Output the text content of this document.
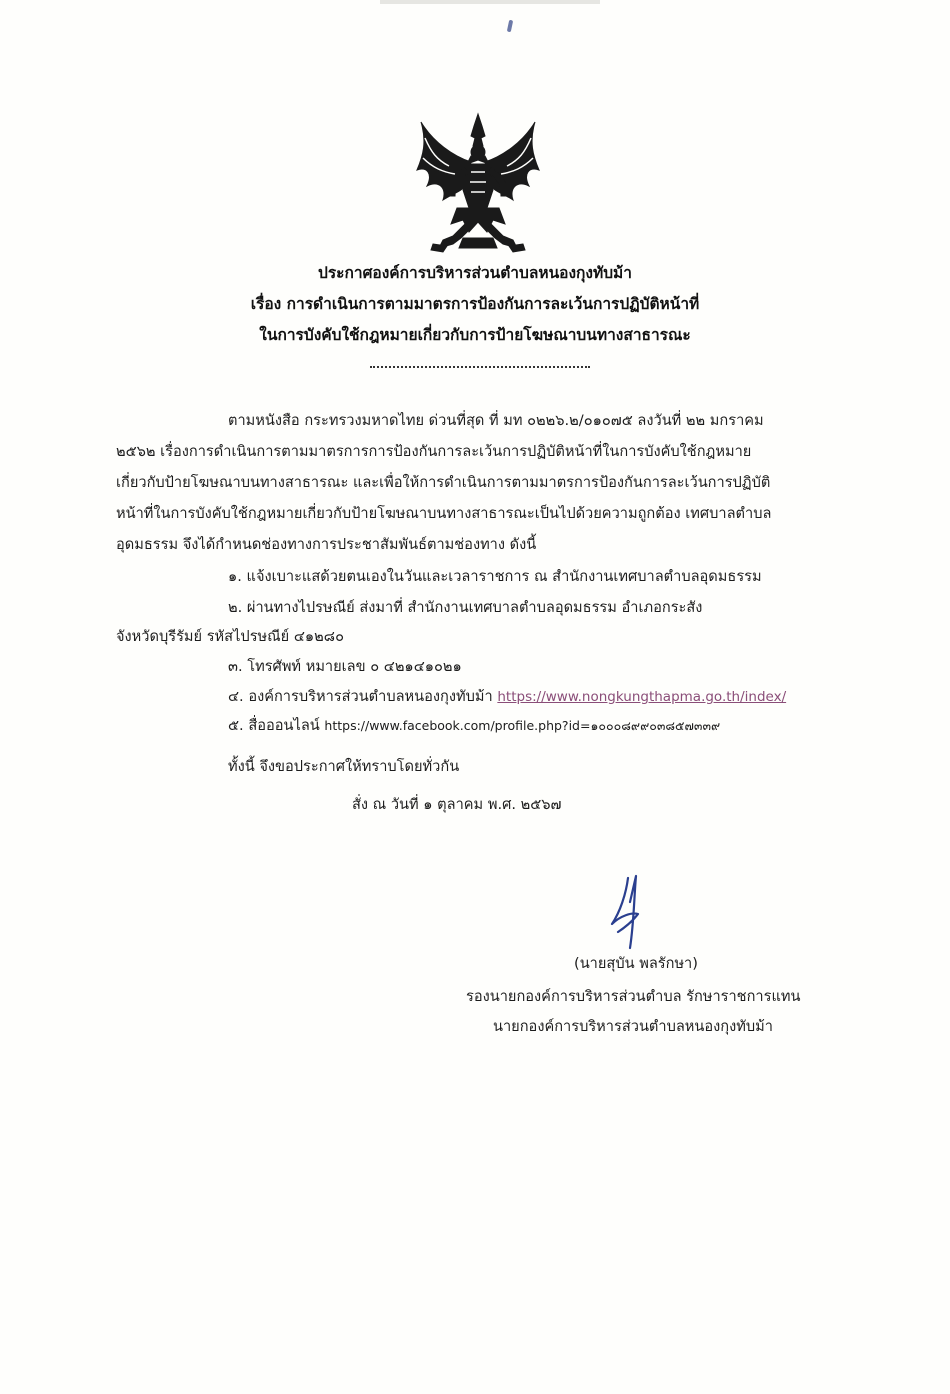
ประกาศองค์การบริหารส่วนตำบลหนองกุงทับม้า
เรื่อง การดำเนินการตามมาตรการป้องกันการละเว้นการปฏิบัติหน้าที่
ในการบังคับใช้กฎหมายเกี่ยวกับการป้ายโฆษณาบนทางสาธารณะ
ตามหนังสือ กระทรวงมหาดไทย ด่วนที่สุด ที่ มท ๐๒๒๖.๒/๐๑๐๗๕ ลงวันที่ ๒๒ มกราคม
๒๕๖๒ เรื่องการดำเนินการตามมาตรการการป้องกันการละเว้นการปฏิบัติหน้าที่ในการบังคับใช้กฎหมาย
เกี่ยวกับป้ายโฆษณาบนทางสาธารณะ และเพื่อให้การดำเนินการตามมาตรการป้องกันการละเว้นการปฏิบัติ
หน้าที่ในการบังคับใช้กฎหมายเกี่ยวกับป้ายโฆษณาบนทางสาธารณะเป็นไปด้วยความถูกต้อง เทศบาลตำบล
อุดมธรรม จึงได้กำหนดช่องทางการประชาสัมพันธ์ตามช่องทาง ดังนี้
๑. แจ้งเบาะแสด้วยตนเองในวันและเวลาราชการ ณ สำนักงานเทศบาลตำบลอุดมธรรม
๒. ผ่านทางไปรษณีย์ ส่งมาที่ สำนักงานเทศบาลตำบลอุดมธรรม อำเภอกระสัง
จังหวัดบุรีรัมย์ รหัสไปรษณีย์ ๔๑๒๘๐
๓. โทรศัพท์ หมายเลข ๐ ๔๒๑๔๑๐๒๑
๔. องค์การบริหารส่วนตำบลหนองกุงทับม้า https://www.nongkungthapma.go.th/index/
๕. สื่อออนไลน์ https://www.facebook.com/profile.php?id=๑๐๐๐๘๙๙๐๓๘๕๗๓๓๙
ทั้งนี้ จึงขอประกาศให้ทราบโดยทั่วกัน
สั่ง ณ วันที่ ๑ ตุลาคม พ.ศ. ๒๕๖๗
(นายสุบัน พลรักษา)
รองนายกองค์การบริหารส่วนตำบล รักษาราชการแทน
นายกองค์การบริหารส่วนตำบลหนองกุงทับม้า
